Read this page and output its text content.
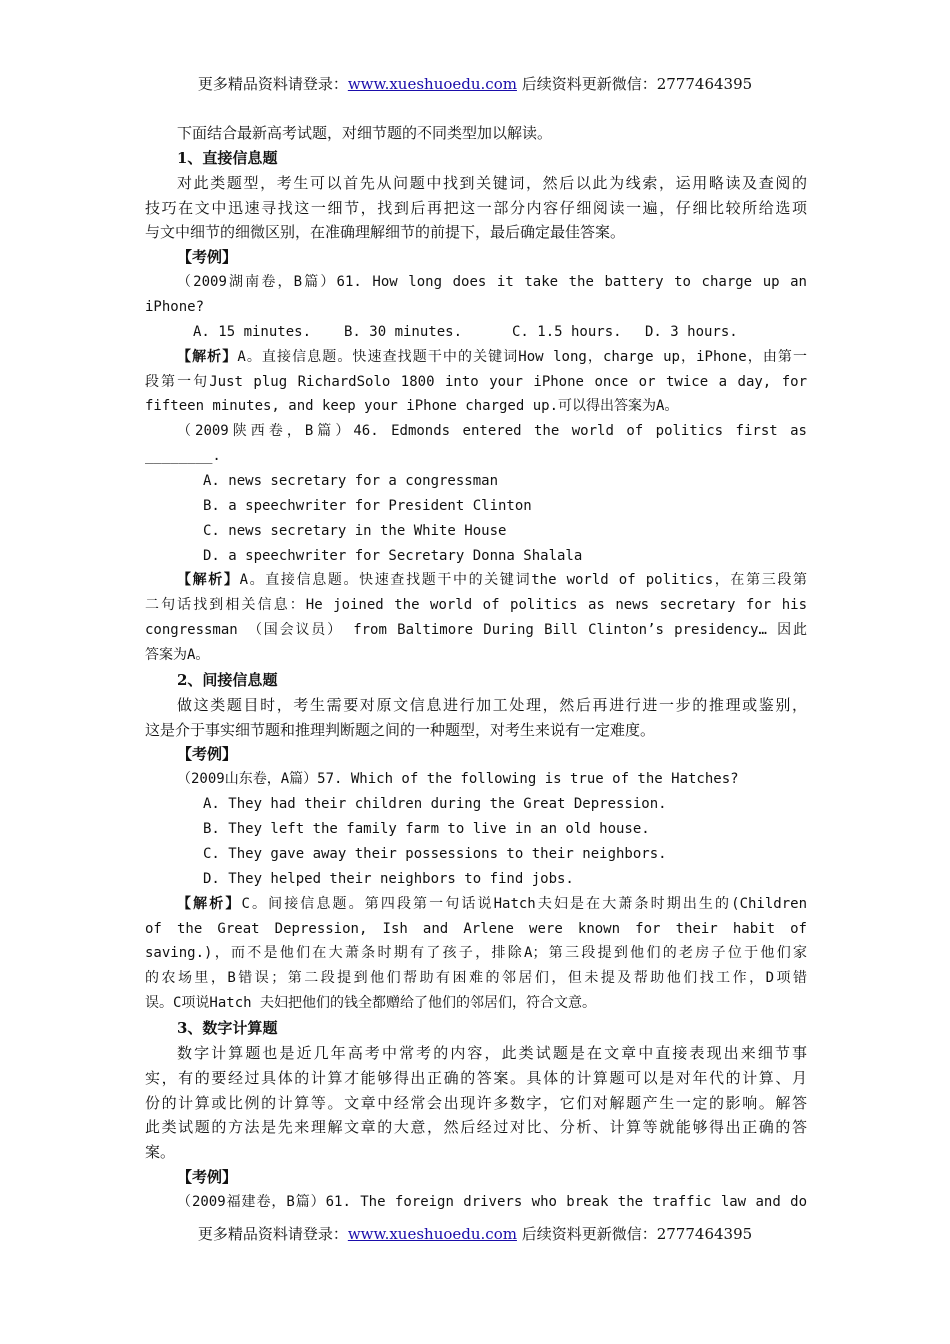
更多精品资料请登录：www.xueshuoedu.com 后续资料更新微信：2777464395
下面结合最新高考试题，对细节题的不同类型加以解读。
1、直接信息题
对此类题型，考生可以首先从问题中找到关键词，然后以此为线索，运用略读及查阅的
技巧在文中迅速寻找这一细节，找到后再把这一部分内容仔细阅读一遍，仔细比较所给选项
与文中细节的细微区别，在准确理解细节的前提下，最后确定最佳答案。
【考例】
（2009湖南卷，B篇）61. How long does it take the battery to charge up an
iPhone?
A. 15 minutes. B. 30 minutes.	C. 1.5 hours. D. 3 hours.
【解析】A。直接信息题。快速查找题干中的关键词How long，charge up，iPhone，由第一
段第一句Just plug RichardSolo 1800 into your iPhone once or twice a day, for
fifteen minutes, and keep your iPhone charged up.可以得出答案为A。
（2009陕西卷，B篇）46. Edmonds entered the world of politics first as
________.
A. news secretary for a congressman
B. a speechwriter for President Clinton
C. news secretary in the White House
D. a speechwriter for Secretary Donna Shalala
【解析】A。直接信息题。快速查找题干中的关键词the world of politics，在第三段第
二句话找到相关信息：He joined the world of politics as news secretary for his
congressman （国会议员） from Baltimore During Bill Clinton’s presidency… 因此
答案为A。
2、间接信息题
做这类题目时，考生需要对原文信息进行加工处理，然后再进行进一步的推理或鉴别，
这是介于事实细节题和推理判断题之间的一种题型，对考生来说有一定难度。
【考例】
（2009山东卷，A篇）57. Which of the following is true of the Hatches?
A. They had their children during the Great Depression.
B. They left the family farm to live in an old house.
C. They gave away their possessions to their neighbors.
D. They helped their neighbors to find jobs.
【解析】C。间接信息题。第四段第一句话说Hatch夫妇是在大萧条时期出生的(Children
of the Great Depression, Ish and Arlene were known for their habit of
saving.)，而不是他们在大萧条时期有了孩子，排除A；第三段提到他们的老房子位于他们家
的农场里，B错误；第二段提到他们帮助有困难的邻居们，但未提及帮助他们找工作，D项错
误。C项说Hatch 夫妇把他们的钱全都赠给了他们的邻居们，符合文意。
3、数字计算题
数字计算题也是近几年高考中常考的内容，此类试题是在文章中直接表现出来细节事
实，有的要经过具体的计算才能够得出正确的答案。具体的计算题可以是对年代的计算、月
份的计算或比例的计算等。文章中经常会出现许多数字，它们对解题产生一定的影响。解答
此类试题的方法是先来理解文章的大意，然后经过对比、分析、计算等就能够得出正确的答
案。
【考例】
（2009福建卷，B篇）61. The foreign drivers who break the traffic law and do
更多精品资料请登录：www.xueshuoedu.com 后续资料更新微信：2777464395
